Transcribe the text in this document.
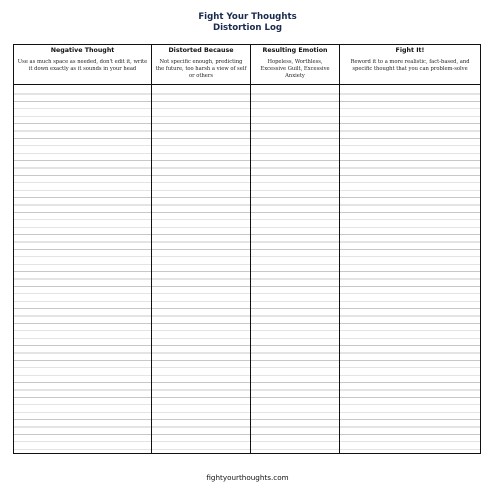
Fight Your Thoughts
Distortion Log
Negative Thought
Use as much space as needed, don't edit it, write it down exactly as it sounds in your head
Distorted Because
Not specific enough, predicting the future, too harsh a view of self or others
Resulting Emotion
Hopeless, Worthless, Excessive Guilt, Excessive Anxiety
Fight It!
Reword it to a more realistic, fact-based, and specific thought that you can problem-solve
fightyourthoughts.com
